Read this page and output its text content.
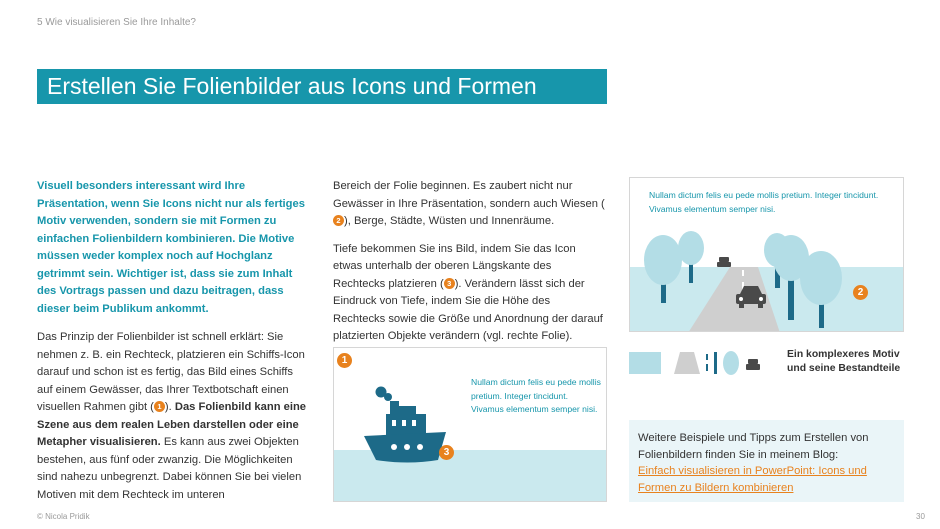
5 Wie visualisieren Sie Ihre Inhalte?
Erstellen Sie Folienbilder aus Icons und Formen

Visuell besonders interessant wird Ihre Präsentation, wenn Sie Icons nicht nur als fertiges Motiv verwenden, sondern sie mit Formen zu einfachen Folienbildern kombinieren. Die Motive müssen weder komplex noch auf Hochglanz getrimmt sein. Wichtiger ist, dass sie zum Inhalt des Vortrags passen und dazu beitragen, dass dieser beim Publikum ankommt.

Das Prinzip der Folienbilder ist schnell erklärt: Sie nehmen z. B. ein Rechteck, platzieren ein Schiffs-Icon darauf und schon ist es fertig, das Bild eines Schiffs auf einem Gewässer, das Ihrer Textbotschaft einen visuellen Rahmen gibt ( 1 ). Das Folienbild kann eine Szene aus dem realen Leben darstellen oder eine Metapher visualisieren. Es kann aus zwei Objekten bestehen, aus fünf oder zwanzig. Die Möglichkeiten sind nahezu unbegrenzt. Dabei können Sie bei vielen Motiven mit dem Rechteck im unteren

Bereich der Folie beginnen. Es zaubert nicht nur Gewässer in Ihre Präsentation, sondern auch Wiesen (2 ), Berge, Städte, Wüsten und Innenräume.

Tiefe bekommen Sie ins Bild, indem Sie das Icon etwas unterhalb der oberen Längskante des Rechtecks platzieren ( 3 ). Verändern lässt sich der Eindruck von Tiefe, indem Sie die Höhe des Rechtecks sowie die Größe und Anordnung der darauf platzierten Objekte verändern (vgl. rechte Folie).

1
3
Nullam dictum felis eu pede mollis pretium. Integer tincidunt. Vivamus elementum semper nisi.
Nullam dictum felis eu pede mollis pretium. Integer tincidunt. Vivamus elementum semper nisi.
2
Ein komplexeres Motiv und seine Bestandteile
Weitere Beispiele und Tipps zum Erstellen von Folienbildern finden Sie in meinem Blog:
Einfach visualisieren in PowerPoint: Icons und Formen zu Bildern kombinieren
© Nicola Pridik	30
